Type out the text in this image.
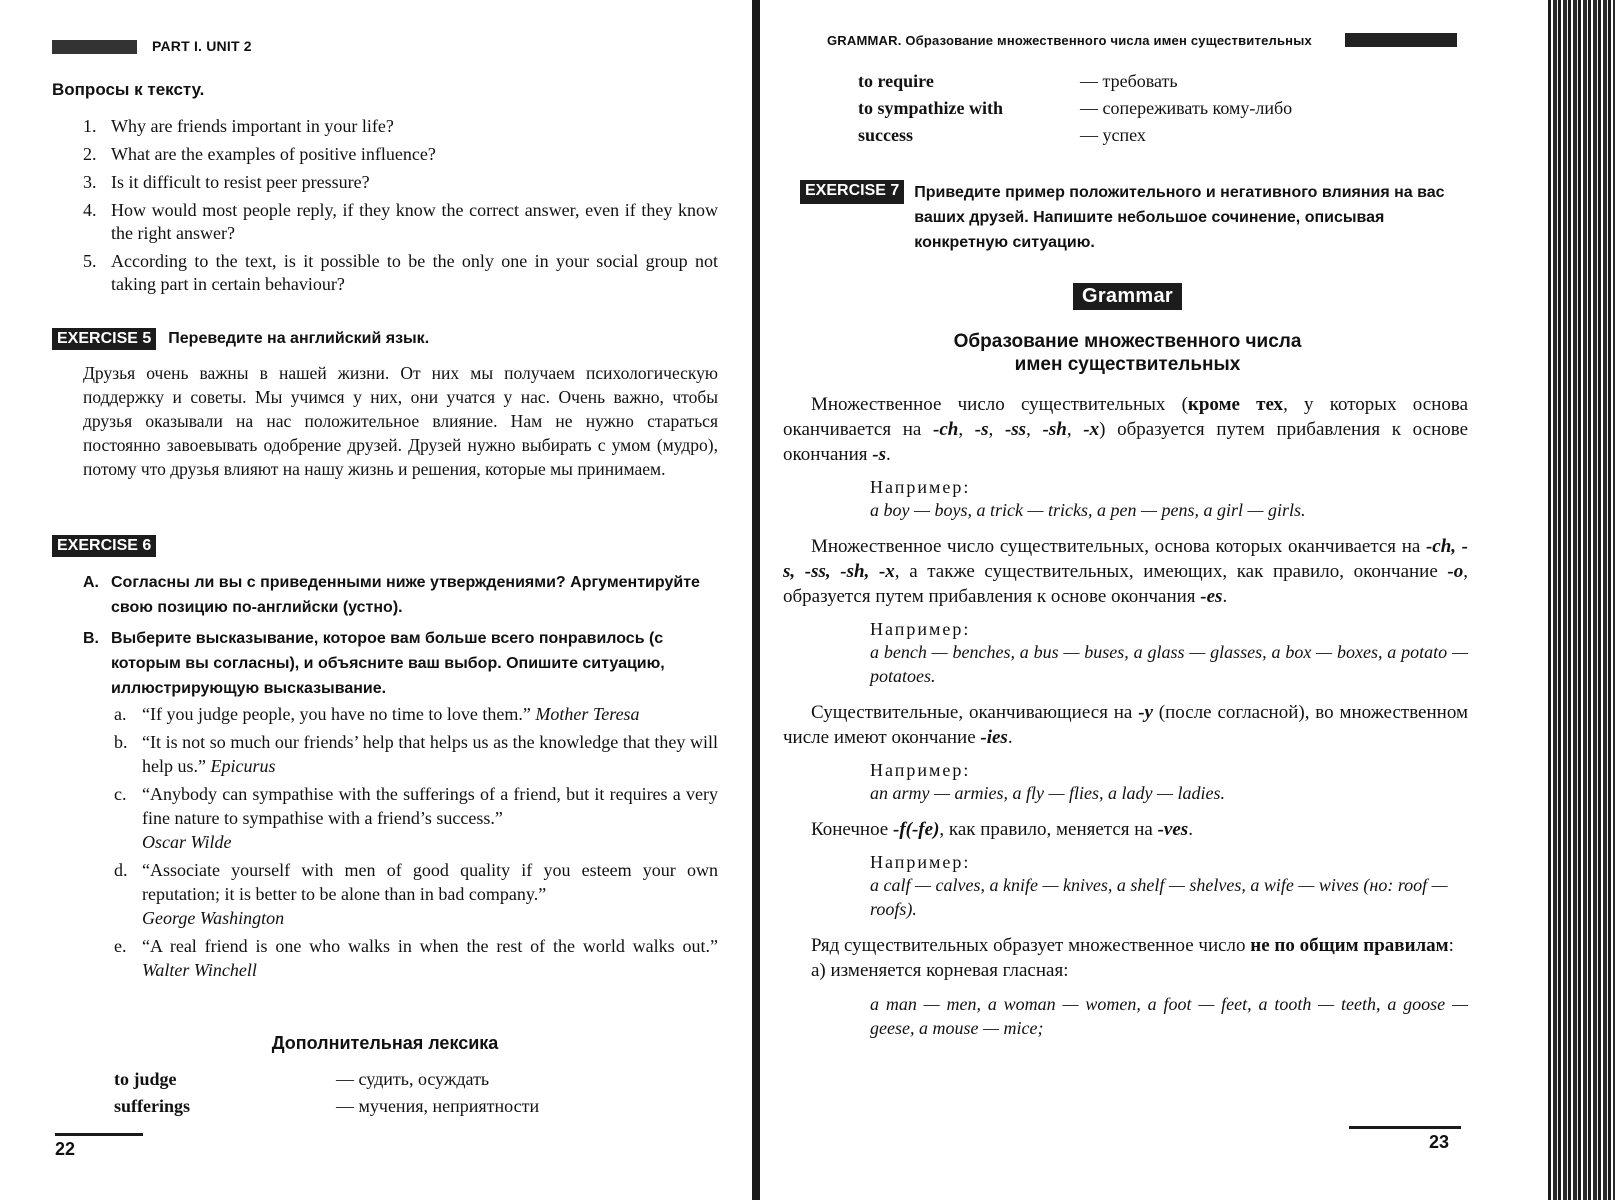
PART I. UNIT 2
Вопросы к тексту.
1. Why are friends important in your life?
2. What are the examples of positive influence?
3. Is it difficult to resist peer pressure?
4. How would most people reply, if they know the correct answer, even if they know the right answer?
5. According to the text, is it possible to be the only one in your social group not taking part in certain behaviour?
EXERCISE 5 Переведите на английский язык.
Друзья очень важны в нашей жизни. От них мы получаем психологическую поддержку и советы. Мы учимся у них, они учатся у нас. Очень важно, чтобы друзья оказывали на нас положительное влияние. Нам не нужно стараться постоянно завоевывать одобрение друзей. Друзей нужно выбирать с умом (мудро), потому что друзья влияют на нашу жизнь и решения, которые мы принимаем.
EXERCISE 6
A. Согласны ли вы с приведенными ниже утверждениями? Аргументируйте свою позицию по-английски (устно).
B. Выберите высказывание, которое вам больше всего понравилось (с которым вы согласны), и объясните ваш выбор. Опишите ситуацию, иллюстрирующую высказывание.
a. “If you judge people, you have no time to love them.” Mother Teresa
b. “It is not so much our friends’ help that helps us as the knowledge that they will help us.” Epicurus
c. “Anybody can sympathise with the sufferings of a friend, but it requires a very fine nature to sympathise with a friend’s success.”
Oscar Wilde
d. “Associate yourself with men of good quality if you esteem your own reputation; it is better to be alone than in bad company.”
George Washington
e. “A real friend is one who walks in when the rest of the world walks out.” Walter Winchell
Дополнительная лексика
to judge	— судить, осуждать
sufferings	— мучения, неприятности
22
GRAMMAR. Образование множественного числа имен существительных
to require	— требовать
to sympathize with	— сопереживать кому-либо
success	— успех
EXERCISE 7 Приведите пример положительного и негативного влияния на вас ваших друзей. Напишите небольшое сочинение, описывая конкретную ситуацию.
Grammar
Образование множественного числа
имен существительных
Множественное число существительных (кроме тех, у которых основа оканчивается на -ch, -s, -ss, -sh, -x) образуется путем прибавления к основе окончания -s.
Например:
a boy — boys, a trick — tricks, a pen — pens, a girl — girls.
Множественное число существительных, основа которых оканчивается на -ch, -s, -ss, -sh, -x, а также существительных, имеющих, как правило, окончание -o, образуется путем прибавления к основе окончания -es.
Например:
a bench — benches, a bus — buses, a glass — glasses, a box — boxes, a potato — potatoes.
Существительные, оканчивающиеся на -y (после согласной), во множественном числе имеют окончание -ies.
Например:
an army — armies, a fly — flies, a lady — ladies.
Конечное -f(-fe), как правило, меняется на -ves.
Например:
a calf — calves, a knife — knives, a shelf — shelves, a wife — wives (но: roof — roofs).
Ряд существительных образует множественное число не по общим правилам:
а) изменяется корневая гласная:
a man — men, a woman — women, a foot — feet, a tooth — teeth, a goose — geese, a mouse — mice;
23
